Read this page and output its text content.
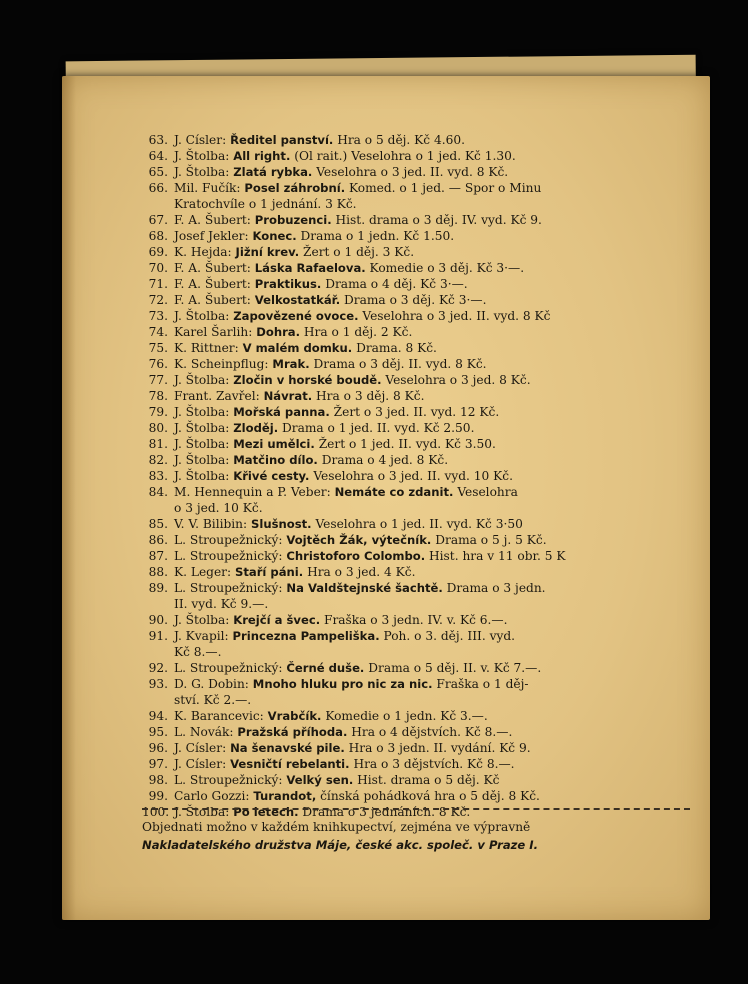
63. J. Císler: Ředitel panství. Hra o 5 děj. Kč 4.60.
64. J. Štolba: All right. (Ol rait.) Veselohra o 1 jed. Kč 1.30.
65. J. Štolba: Zlatá rybka. Veselohra o 3 jed. II. vyd. 8 Kč.
66. Mil. Fučík: Posel záhrobní. Komed. o 1 jed. — Spor o Minu
Kratochvíle o 1 jednání. 3 Kč.
67. F. A. Šubert: Probuzenci. Hist. drama o 3 děj. IV. vyd. Kč 9.
68. Josef Jekler: Konec. Drama o 1 jedn. Kč 1.50.
69. K. Hejda: Jižní krev. Žert o 1 děj. 3 Kč.
70. F. A. Šubert: Láska Rafaelova. Komedie o 3 děj. Kč 3·—.
71. F. A. Šubert: Praktikus. Drama o 4 děj. Kč 3·—.
72. F. A. Šubert: Velkostatkář. Drama o 3 děj. Kč 3·—.
73. J. Štolba: Zapovězené ovoce. Veselohra o 3 jed. II. vyd. 8 Kč
74. Karel Šarlih: Dohra. Hra o 1 děj. 2 Kč.
75. K. Rittner: V malém domku. Drama. 8 Kč.
76. K. Scheinpflug: Mrak. Drama o 3 děj. II. vyd. 8 Kč.
77. J. Štolba: Zločin v horské boudě. Veselohra o 3 jed. 8 Kč.
78. Frant. Zavřel: Návrat. Hra o 3 děj. 8 Kč.
79. J. Štolba: Mořská panna. Žert o 3 jed. II. vyd. 12 Kč.
80. J. Štolba: Zloděj. Drama o 1 jed. II. vyd. Kč 2.50.
81. J. Štolba: Mezi umělci. Žert o 1 jed. II. vyd. Kč 3.50.
82. J. Štolba: Matčino dílo. Drama o 4 jed. 8 Kč.
83. J. Štolba: Křivé cesty. Veselohra o 3 jed. II. vyd. 10 Kč.
84. M. Hennequin a P. Veber: Nemáte co zdanit. Veselohra
o 3 jed. 10 Kč.
85. V. V. Bilibin: Slušnost. Veselohra o 1 jed. II. vyd. Kč 3·50
86. L. Stroupežnický: Vojtěch Žák, výtečník. Drama o 5 j. 5 Kč.
87. L. Stroupežnický: Christoforo Colombo. Hist. hra v 11 obr. 5 K
88. K. Leger: Staří páni. Hra o 3 jed. 4 Kč.
89. L. Stroupežnický: Na Valdštejnské šachtě. Drama o 3 jedn.
II. vyd. Kč 9.—.
90. J. Štolba: Krejčí a švec. Fraška o 3 jedn. IV. v. Kč 6.—.
91. J. Kvapil: Princezna Pampeliška. Poh. o 3. děj. III. vyd.
Kč 8.—.
92. L. Stroupežnický: Černé duše. Drama o 5 děj. II. v. Kč 7.—.
93. D. G. Dobin: Mnoho hluku pro nic za nic. Fraška o 1 děj-
ství. Kč 2.—.
94. K. Barancevic: Vrabčík. Komedie o 1 jedn. Kč 3.—.
95. L. Novák: Pražská příhoda. Hra o 4 dějstvích. Kč 8.—.
96. J. Císler: Na šenavské pile. Hra o 3 jedn. II. vydání. Kč 9.
97. J. Císler: Vesničtí rebelanti. Hra o 3 dějstvích. Kč 8.—.
98. L. Stroupežnický: Velký sen. Hist. drama o 5 děj. Kč
99. Carlo Gozzi: Turandot, čínská pohádková hra o 5 děj. 8 Kč.
100. J. Štolba: Po letech. Drama o 3 jednáních. 8 Kč.
Objednati možno v každém knihkupectví, zejména ve výpravně
Nakladatelského družstva Máje, české akc. společ. v Praze I.
